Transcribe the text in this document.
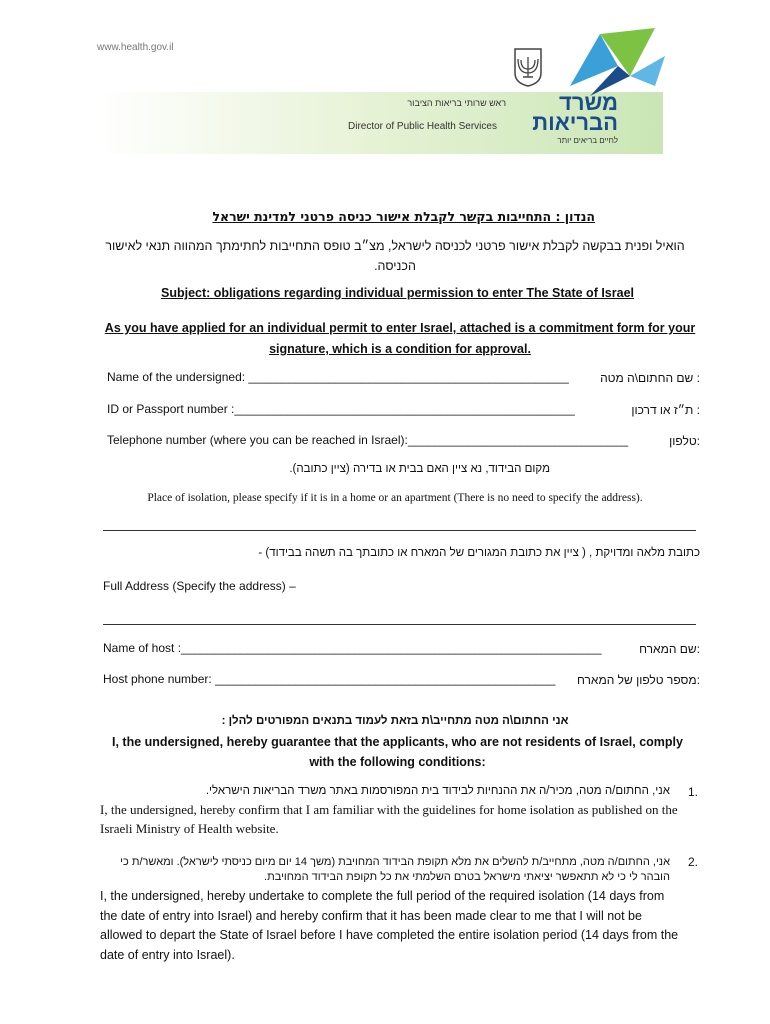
www.health.gov.il
ראש שרותי בריאות הציבור
Director of Public Health Services
משרד
הבריאות
לחיים בריאים יותר
הנדון : התחייבות בקשר לקבלת אישור כניסה פרטני למדינת ישראל
הואיל ופנית בבקשה לקבלת אישור פרטני לכניסה לישראל, מצ״ב טופס התחייבות לחתימתך המהווה תנאי לאישור הכניסה.
Subject: obligations regarding individual permission to enter The State of Israel
As you have applied for an individual permit to enter Israel, attached is a commitment form for your signature, which is a condition for approval.
Name of the undersigned: ________________________________________________	: שם החתום\ה מטה
ID or Passport number :___________________________________________________	: ת״ז או דרכון
Telephone number (where you can be reached in Israel):_________________________________	:טלפון
מקום הבידוד, נא ציין האם בבית או בדירה (ציין כתובה).
Place of isolation, please specify if it is in a home or an apartment (There is no need to specify the address).
כתובת מלאה ומדויקת , ( ציין את כתובת המגורים של המארח או כתובתך בה תשהה בבידוד) -
Full Address (Specify the address) –
Name of host :_______________________________________________________________	:שם המארח
Host phone number: ___________________________________________________	:מספר טלפון של המארח
אני החתום\ה מטה מתחייב\ת בזאת לעמוד בתנאים המפורטים להלן :
I, the undersigned, hereby guarantee that the applicants, who are not residents of Israel, comply with the following conditions:
.1
אני, החתום/ה מטה, מכיר/ה את ההנחיות לבידוד בית המפורסמות באתר משרד הבריאות הישראלי.
I, the undersigned, hereby confirm that I am familiar with the guidelines for home isolation as published on the Israeli Ministry of Health website.
.2
אני, החתום/ה מטה, מתחייב/ת להשלים את מלא תקופת הבידוד המחויבת (משך 14 יום מיום כניסתי לישראל). ומאשר/ת כי הובהר לי כי לא תתאפשר יציאתי מישראל בטרם השלמתי את כל תקופת הבידוד המחויבת.
I, the undersigned, hereby undertake to complete the full period of the required isolation (14 days from the date of entry into Israel) and hereby confirm that it has been made clear to me that I will not be allowed to depart the State of Israel before I have completed the entire isolation period (14 days from the date of entry into Israel).
